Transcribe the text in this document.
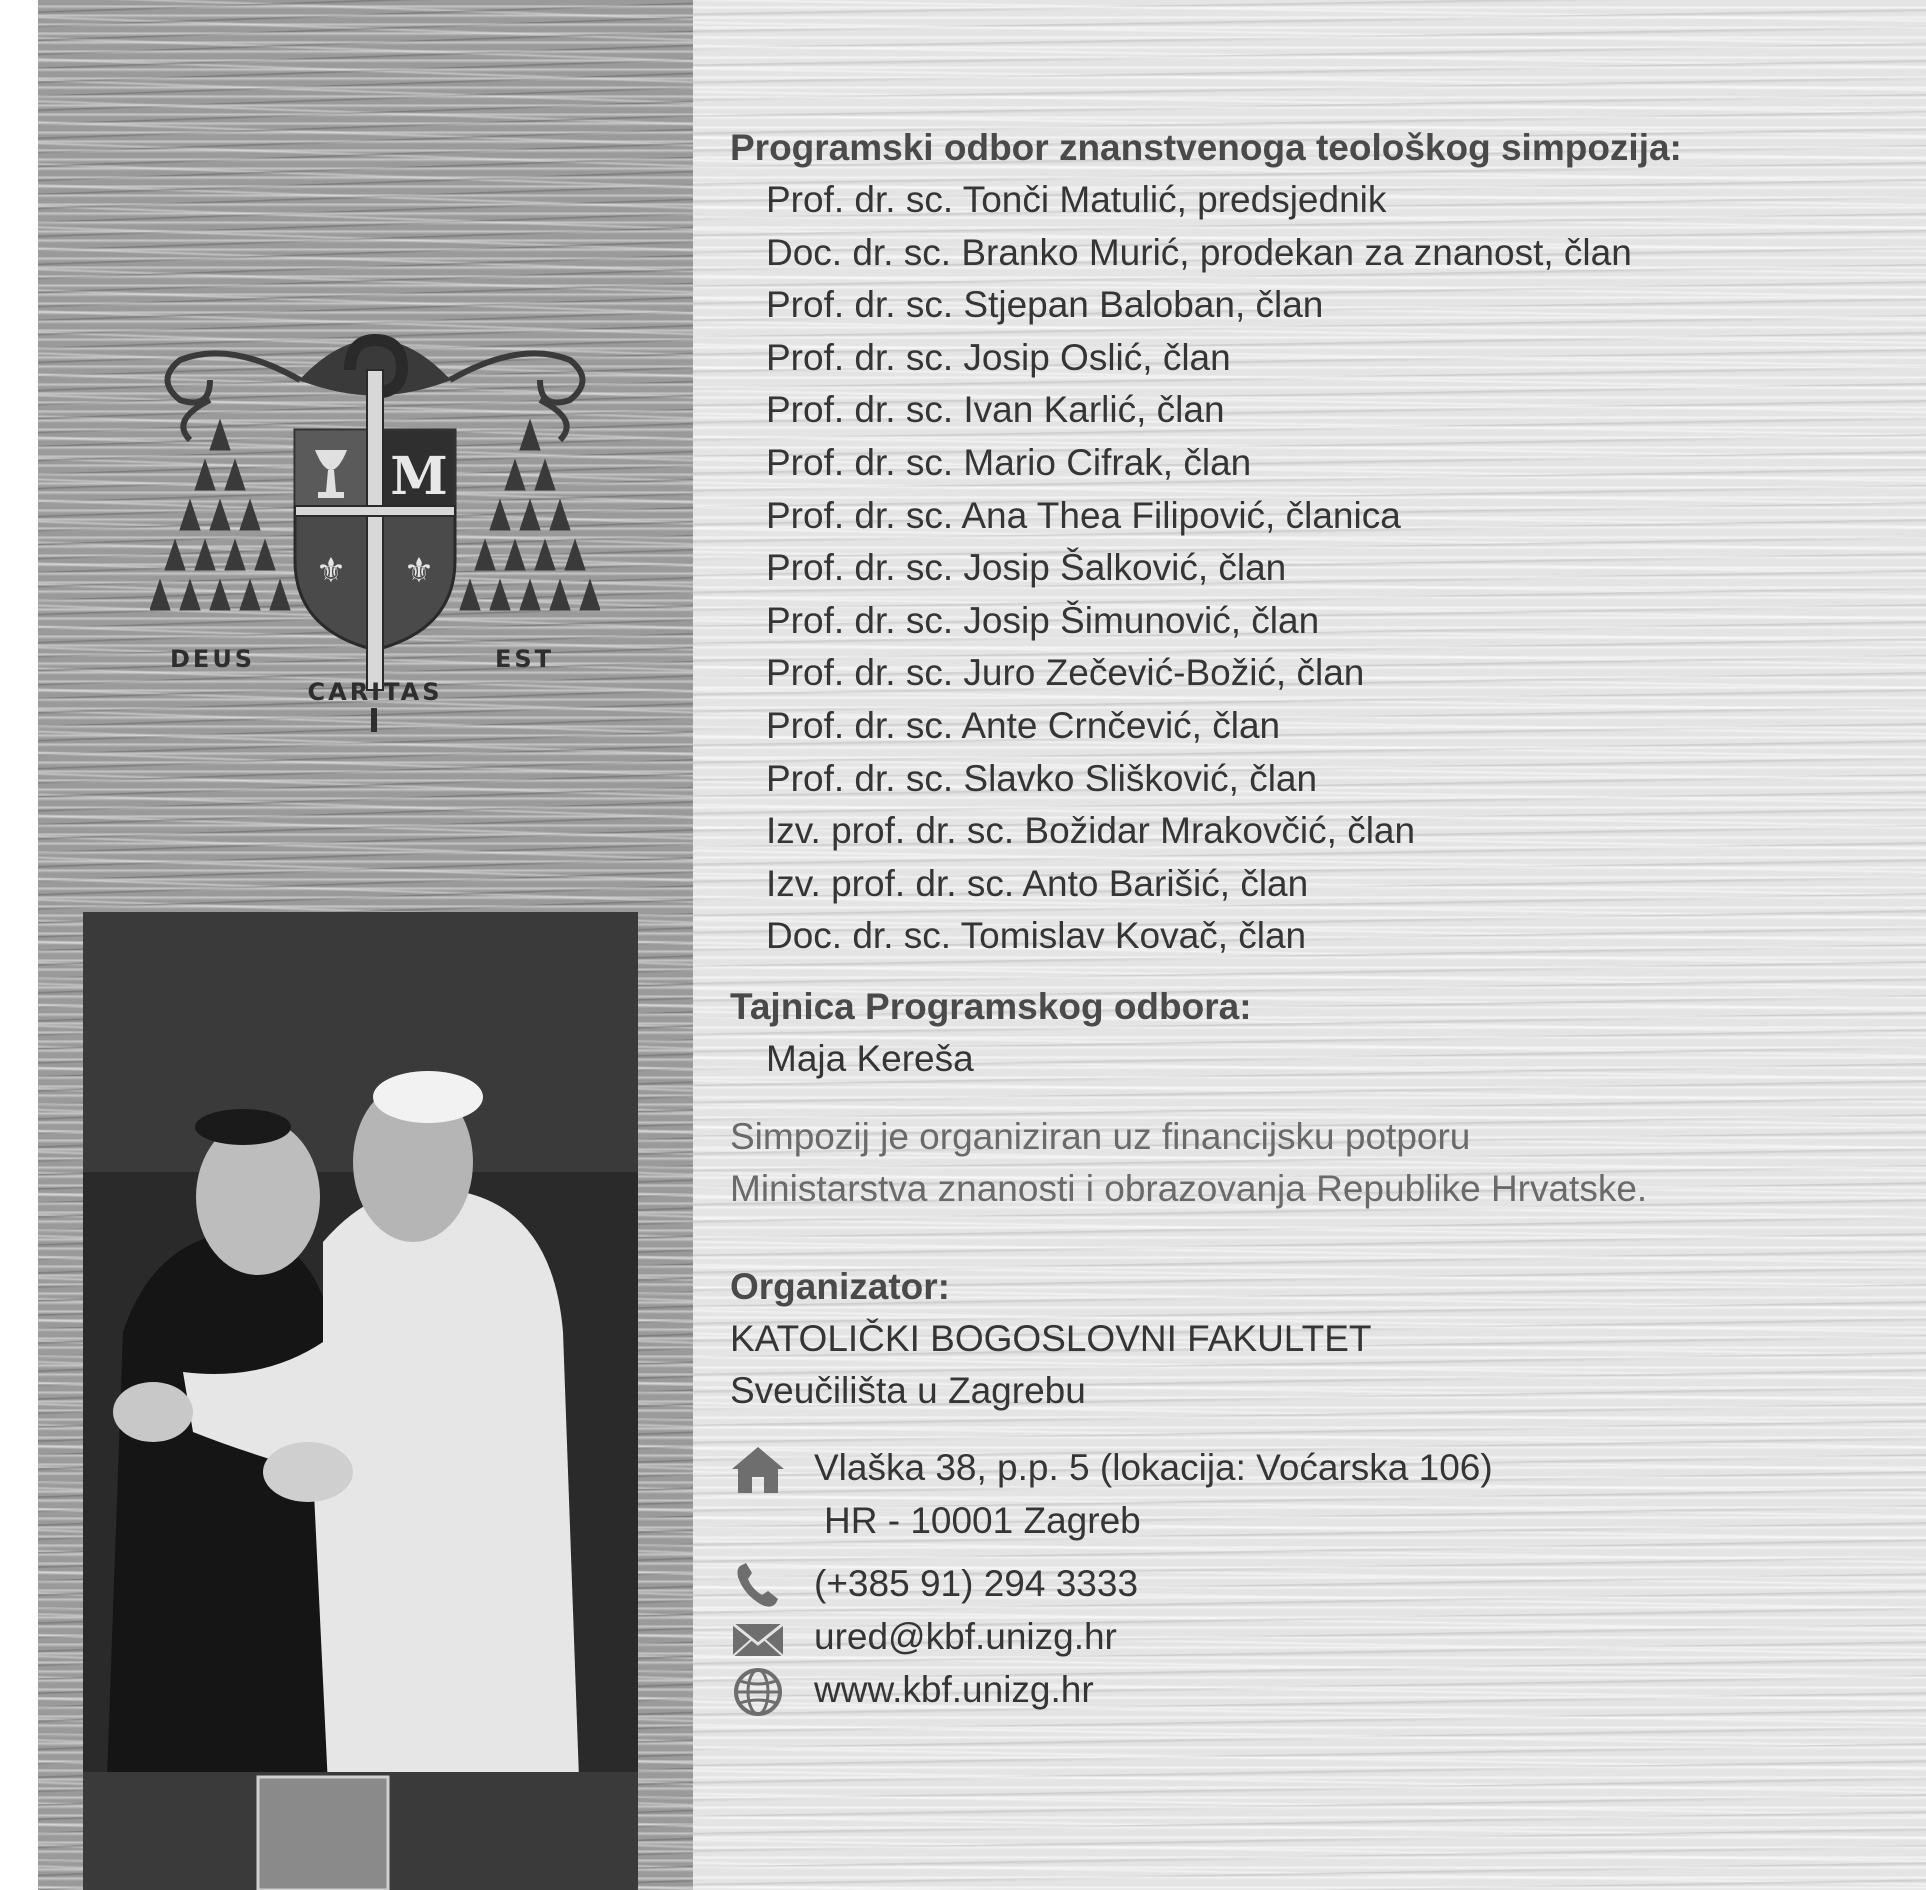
⚜ ⚜
M
DEUS	EST
CARITAS
Programski odbor znanstvenoga teološkog simpozija:
Prof. dr. sc. Tonči Matulić, predsjednik
Doc. dr. sc. Branko Murić, prodekan za znanost, član
Prof. dr. sc. Stjepan Baloban, član
Prof. dr. sc. Josip Oslić, član
Prof. dr. sc. Ivan Karlić, član
Prof. dr. sc. Mario Cifrak, član
Prof. dr. sc. Ana Thea Filipović, članica
Prof. dr. sc. Josip Šalković, član
Prof. dr. sc. Josip Šimunović, član
Prof. dr. sc. Juro Zečević-Božić, član
Prof. dr. sc. Ante Crnčević, član
Prof. dr. sc. Slavko Slišković, član
Izv. prof. dr. sc. Božidar Mrakovčić, član
Izv. prof. dr. sc. Anto Barišić, član
Doc. dr. sc. Tomislav Kovač, član
Tajnica Programskog odbora:
Maja Kereša
Simpozij je organiziran uz financijsku potporu
Ministarstva znanosti i obrazovanja Republike Hrvatske.
Organizator:
KATOLIČKI BOGOSLOVNI FAKULTET
Sveučilišta u Zagrebu
Vlaška 38, p.p. 5 (lokacija: Voćarska 106)
HR - 10001 Zagreb
(+385 91) 294 3333
ured@kbf.unizg.hr
www.kbf.unizg.hr
